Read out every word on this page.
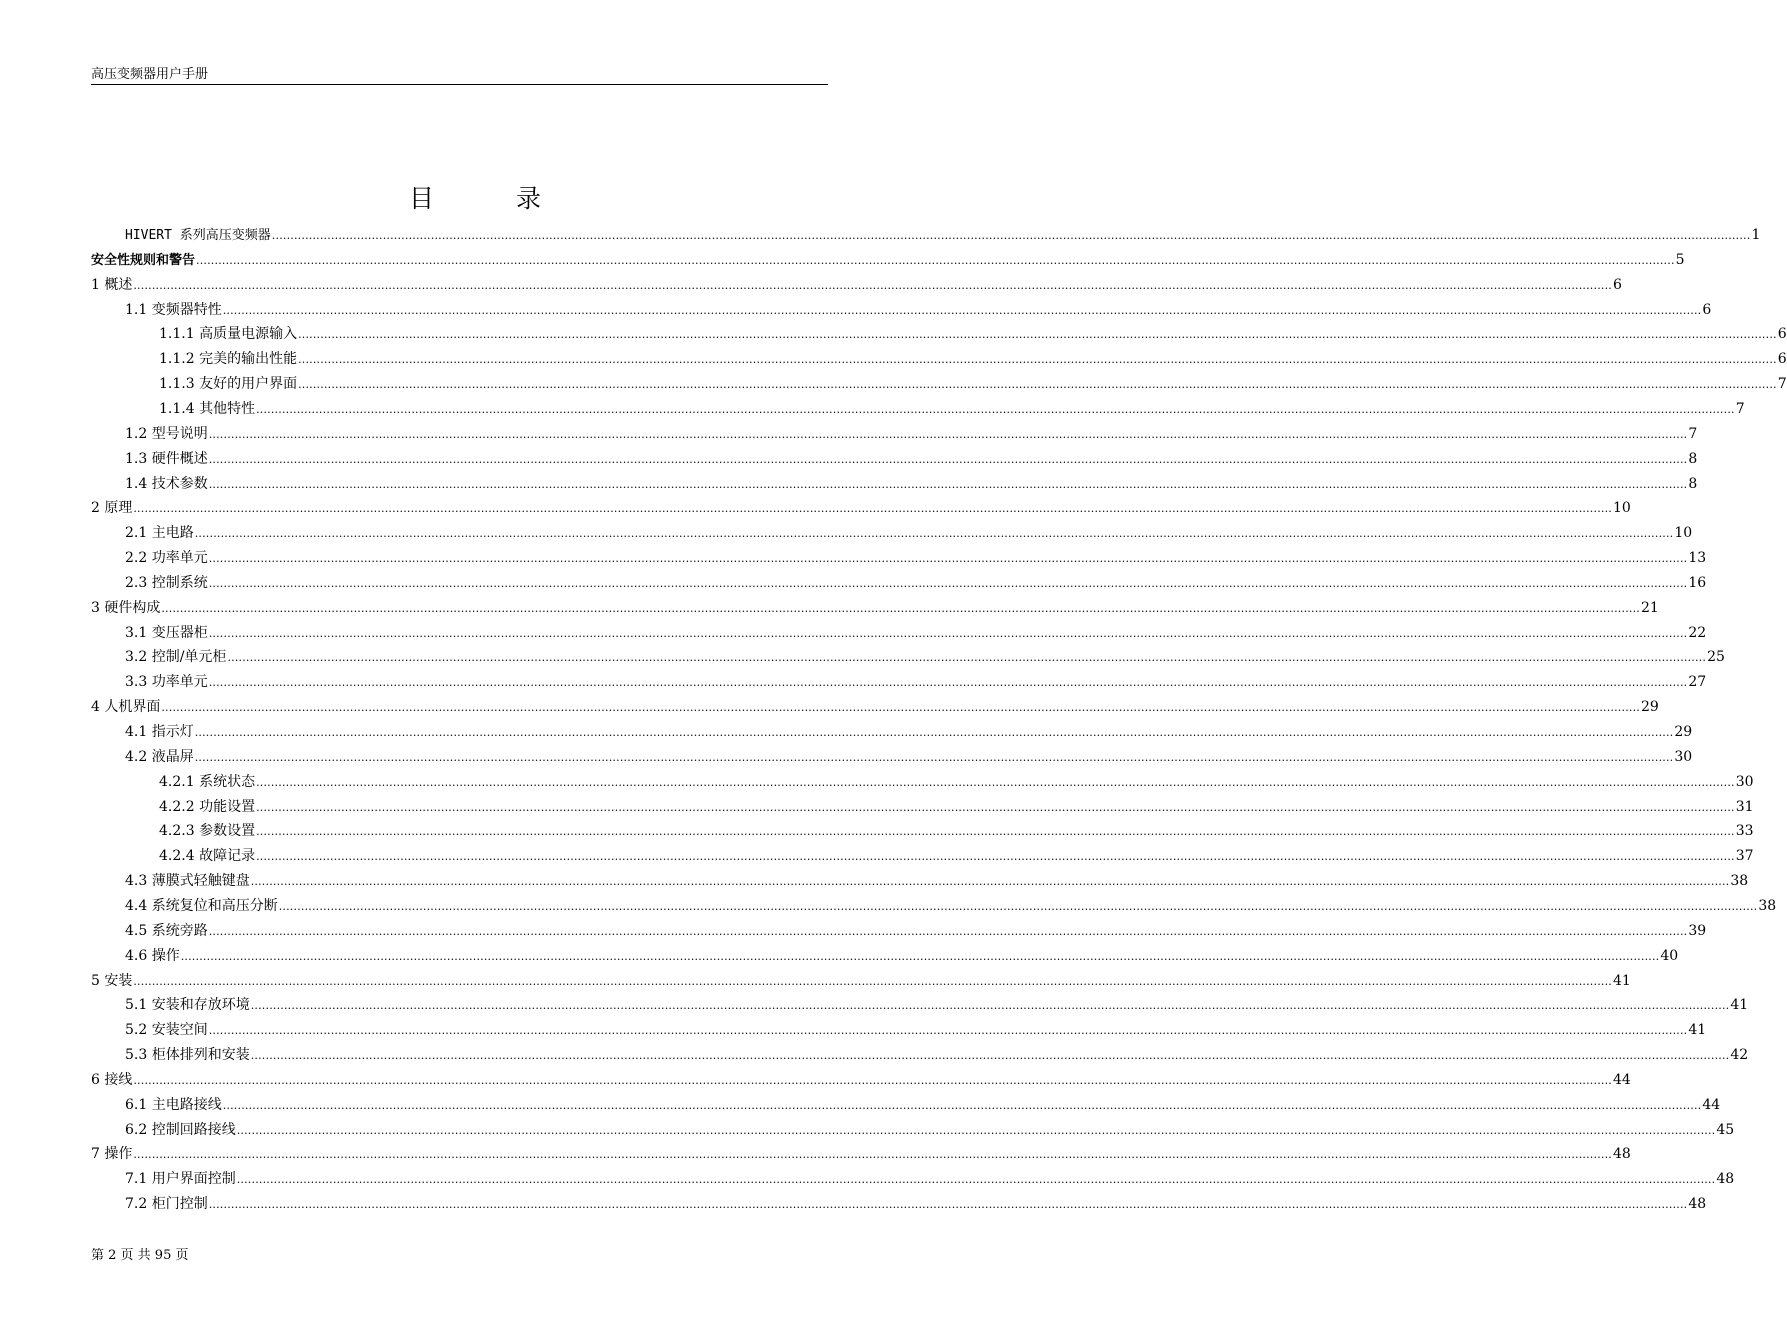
高压变频器用户手册
目	录
HIVERT 系列高压变频器 ................................................................................................................................................................................................................................................................................................................................................................................................................ 1
安全性规则和警告 ................................................................................................................................................................................................................................................................................................................................................................................................................ 5
1 概述 ................................................................................................................................................................................................................................................................................................................................................................................................................ 6
1.1 变频器特性 ................................................................................................................................................................................................................................................................................................................................................................................................................ 6
1.1.1 高质量电源输入 ................................................................................................................................................................................................................................................................................................................................................................................................................ 6
1.1.2 完美的输出性能 ................................................................................................................................................................................................................................................................................................................................................................................................................ 6
1.1.3 友好的用户界面 ................................................................................................................................................................................................................................................................................................................................................................................................................ 7
1.1.4 其他特性 ................................................................................................................................................................................................................................................................................................................................................................................................................ 7
1.2 型号说明 ................................................................................................................................................................................................................................................................................................................................................................................................................ 7
1.3 硬件概述 ................................................................................................................................................................................................................................................................................................................................................................................................................ 8
1.4 技术参数 ................................................................................................................................................................................................................................................................................................................................................................................................................ 8
2 原理 ................................................................................................................................................................................................................................................................................................................................................................................................................ 10
2.1 主电路 ................................................................................................................................................................................................................................................................................................................................................................................................................ 10
2.2 功率单元 ................................................................................................................................................................................................................................................................................................................................................................................................................ 13
2.3 控制系统 ................................................................................................................................................................................................................................................................................................................................................................................................................ 16
3 硬件构成 ................................................................................................................................................................................................................................................................................................................................................................................................................ 21
3.1 变压器柜 ................................................................................................................................................................................................................................................................................................................................................................................................................ 22
3.2 控制/单元柜 ................................................................................................................................................................................................................................................................................................................................................................................................................ 25
3.3 功率单元 ................................................................................................................................................................................................................................................................................................................................................................................................................ 27
4 人机界面 ................................................................................................................................................................................................................................................................................................................................................................................................................ 29
4.1 指示灯 ................................................................................................................................................................................................................................................................................................................................................................................................................ 29
4.2 液晶屏 ................................................................................................................................................................................................................................................................................................................................................................................................................ 30
4.2.1 系统状态 ................................................................................................................................................................................................................................................................................................................................................................................................................ 30
4.2.2 功能设置 ................................................................................................................................................................................................................................................................................................................................................................................................................ 31
4.2.3 参数设置 ................................................................................................................................................................................................................................................................................................................................................................................................................ 33
4.2.4 故障记录 ................................................................................................................................................................................................................................................................................................................................................................................................................ 37
4.3 薄膜式轻触键盘 ................................................................................................................................................................................................................................................................................................................................................................................................................ 38
4.4 系统复位和高压分断 ................................................................................................................................................................................................................................................................................................................................................................................................................ 38
4.5 系统旁路 ................................................................................................................................................................................................................................................................................................................................................................................................................ 39
4.6 操作 ................................................................................................................................................................................................................................................................................................................................................................................................................ 40
5 安装 ................................................................................................................................................................................................................................................................................................................................................................................................................ 41
5.1 安装和存放环境 ................................................................................................................................................................................................................................................................................................................................................................................................................ 41
5.2 安装空间 ................................................................................................................................................................................................................................................................................................................................................................................................................ 41
5.3 柜体排列和安装 ................................................................................................................................................................................................................................................................................................................................................................................................................ 42
6 接线 ................................................................................................................................................................................................................................................................................................................................................................................................................ 44
6.1 主电路接线 ................................................................................................................................................................................................................................................................................................................................................................................................................ 44
6.2 控制回路接线 ................................................................................................................................................................................................................................................................................................................................................................................................................ 45
7 操作 ................................................................................................................................................................................................................................................................................................................................................................................................................ 48
7.1 用户界面控制 ................................................................................................................................................................................................................................................................................................................................................................................................................ 48
7.2 柜门控制 ................................................................................................................................................................................................................................................................................................................................................................................................................ 48
第 2 页 共 95 页
